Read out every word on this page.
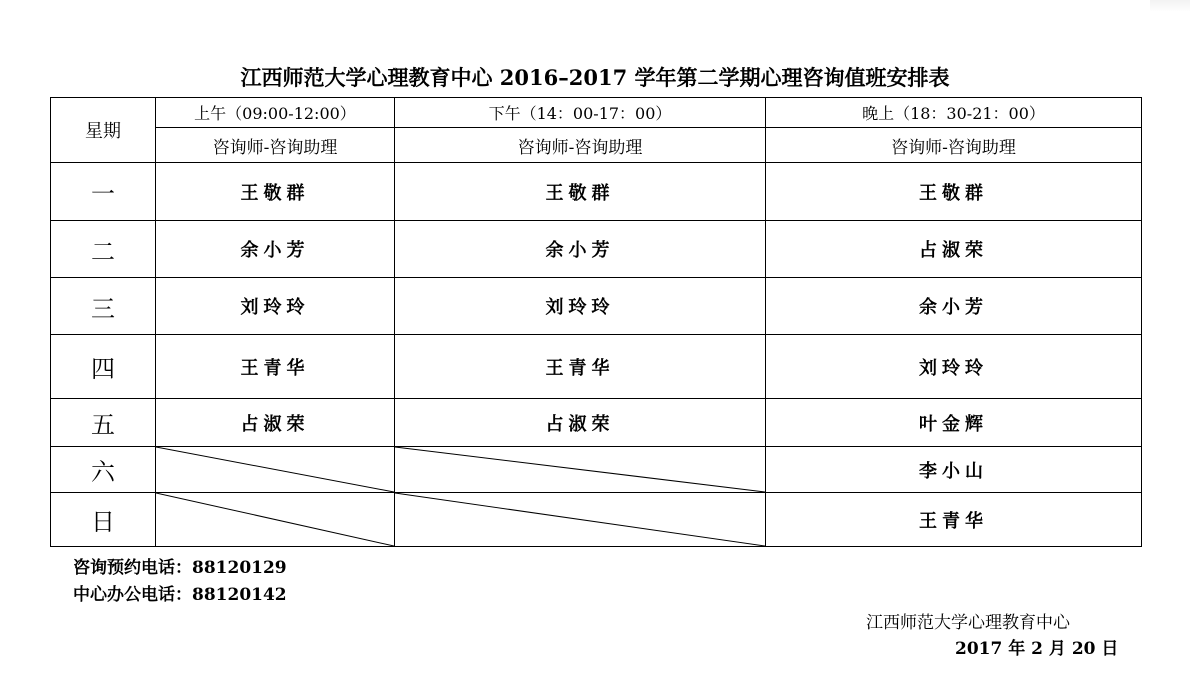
江西师范大学心理教育中心 2016–2017 学年第二学期心理咨询值班安排表
星期	上午（09:00-12:00）	下午（14：00-17：00）	晚上（18：30-21：00）
	咨询师-咨询助理	咨询师-咨询助理	咨询师-咨询助理
一	王敬群	王敬群	王敬群
二	余小芳	余小芳	占淑荣
三	刘玲玲	刘玲玲	余小芳
四	王青华	王青华	刘玲玲
五	占淑荣	占淑荣	叶金辉
六			李小山
日			王青华
咨询预约电话：88120129
中心办公电话：88120142
江西师范大学心理教育中心
2017 年 2 月 20 日
